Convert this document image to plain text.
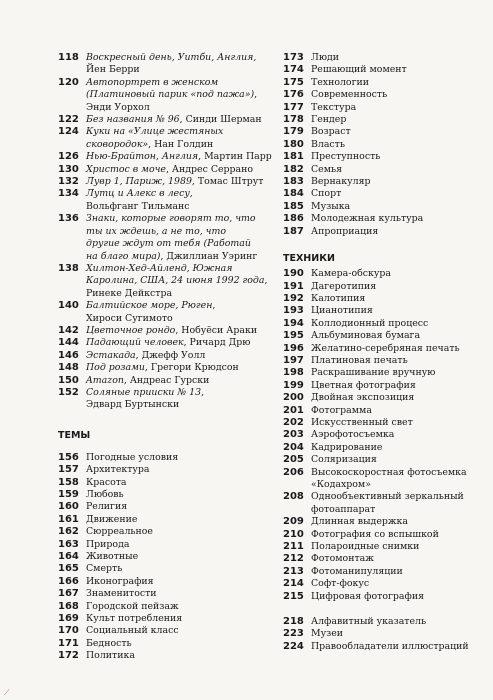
118 Воскресный день, Уитби, Англия,
Йен Берри
120 Автопортрет в женском
(Платиновый парик «под пажа»),
Энди Уорхол
122 Без названия № 96, Синди Шерман
124 Куки на «Улице жестяных
сковородок», Нан Голдин
126 Нью-Брайтон, Англия, Мартин Парр
130 Христос в моче, Андрес Серрано
132 Лувр 1, Париж, 1989, Томас Штрут
134 Лутц и Алекс в лесу,
Вольфганг Тильманс
136 Знаки, которые говорят то, что
ты их ждешь, а не то, что
другие ждут от тебя (Работай
на благо мира), Джиллиан Уэринг
138 Хилтон-Хед-Айленд, Южная
Каролина, США, 24 июня 1992 года,
Ринеке Дейкстра
140 Балтийское море, Рюген,
Хироси Сугимото
142 Цветочное рондо, Нобуёси Араки
144 Падающий человек, Ричард Дрю
146 Эстакада, Джефф Уолл
148 Под розами, Грегори Крюдсон
150 Amazon, Андреас Гурски
152 Соляные прииски № 13,
Эдвард Буртынски
ТЕМЫ
156 Погодные условия
157 Архитектура
158 Красота
159 Любовь
160 Религия
161 Движение
162 Сюрреальное
163 Природа
164 Животные
165 Смерть
166 Иконография
167 Знаменитости
168 Городской пейзаж
169 Культ потребления
170 Социальный класс
171 Бедность
172 Политика
173 Люди
174 Решающий момент
175 Технологии
176 Современность
177 Текстура
178 Гендер
179 Возраст
180 Власть
181 Преступность
182 Семья
183 Вернакуляр
184 Спорт
185 Музыка
186 Молодежная культура
187 Апроприация
ТЕХНИКИ
190 Камера-обскура
191 Дагеротипия
192 Калотипия
193 Цианотипия
194 Коллодионный процесс
195 Альбуминовая бумага
196 Желатино-серебряная печать
197 Платиновая печать
198 Раскрашивание вручную
199 Цветная фотография
200 Двойная экспозиция
201 Фотограмма
202 Искусственный свет
203 Аэрофотосъемка
204 Кадрирование
205 Соляризация
206 Высокоскоростная фотосъемка
«Кодахром»
208 Однообъективный зеркальный
фотоаппарат
209 Длинная выдержка
210 Фотография со вспышкой
211 Полароидные снимки
212 Фотомонтаж
213 Фотоманипуляции
214 Софт-фокус
215 Цифровая фотография
218 Алфавитный указатель
223 Музеи
224 Правообладатели иллюстраций
⟋
